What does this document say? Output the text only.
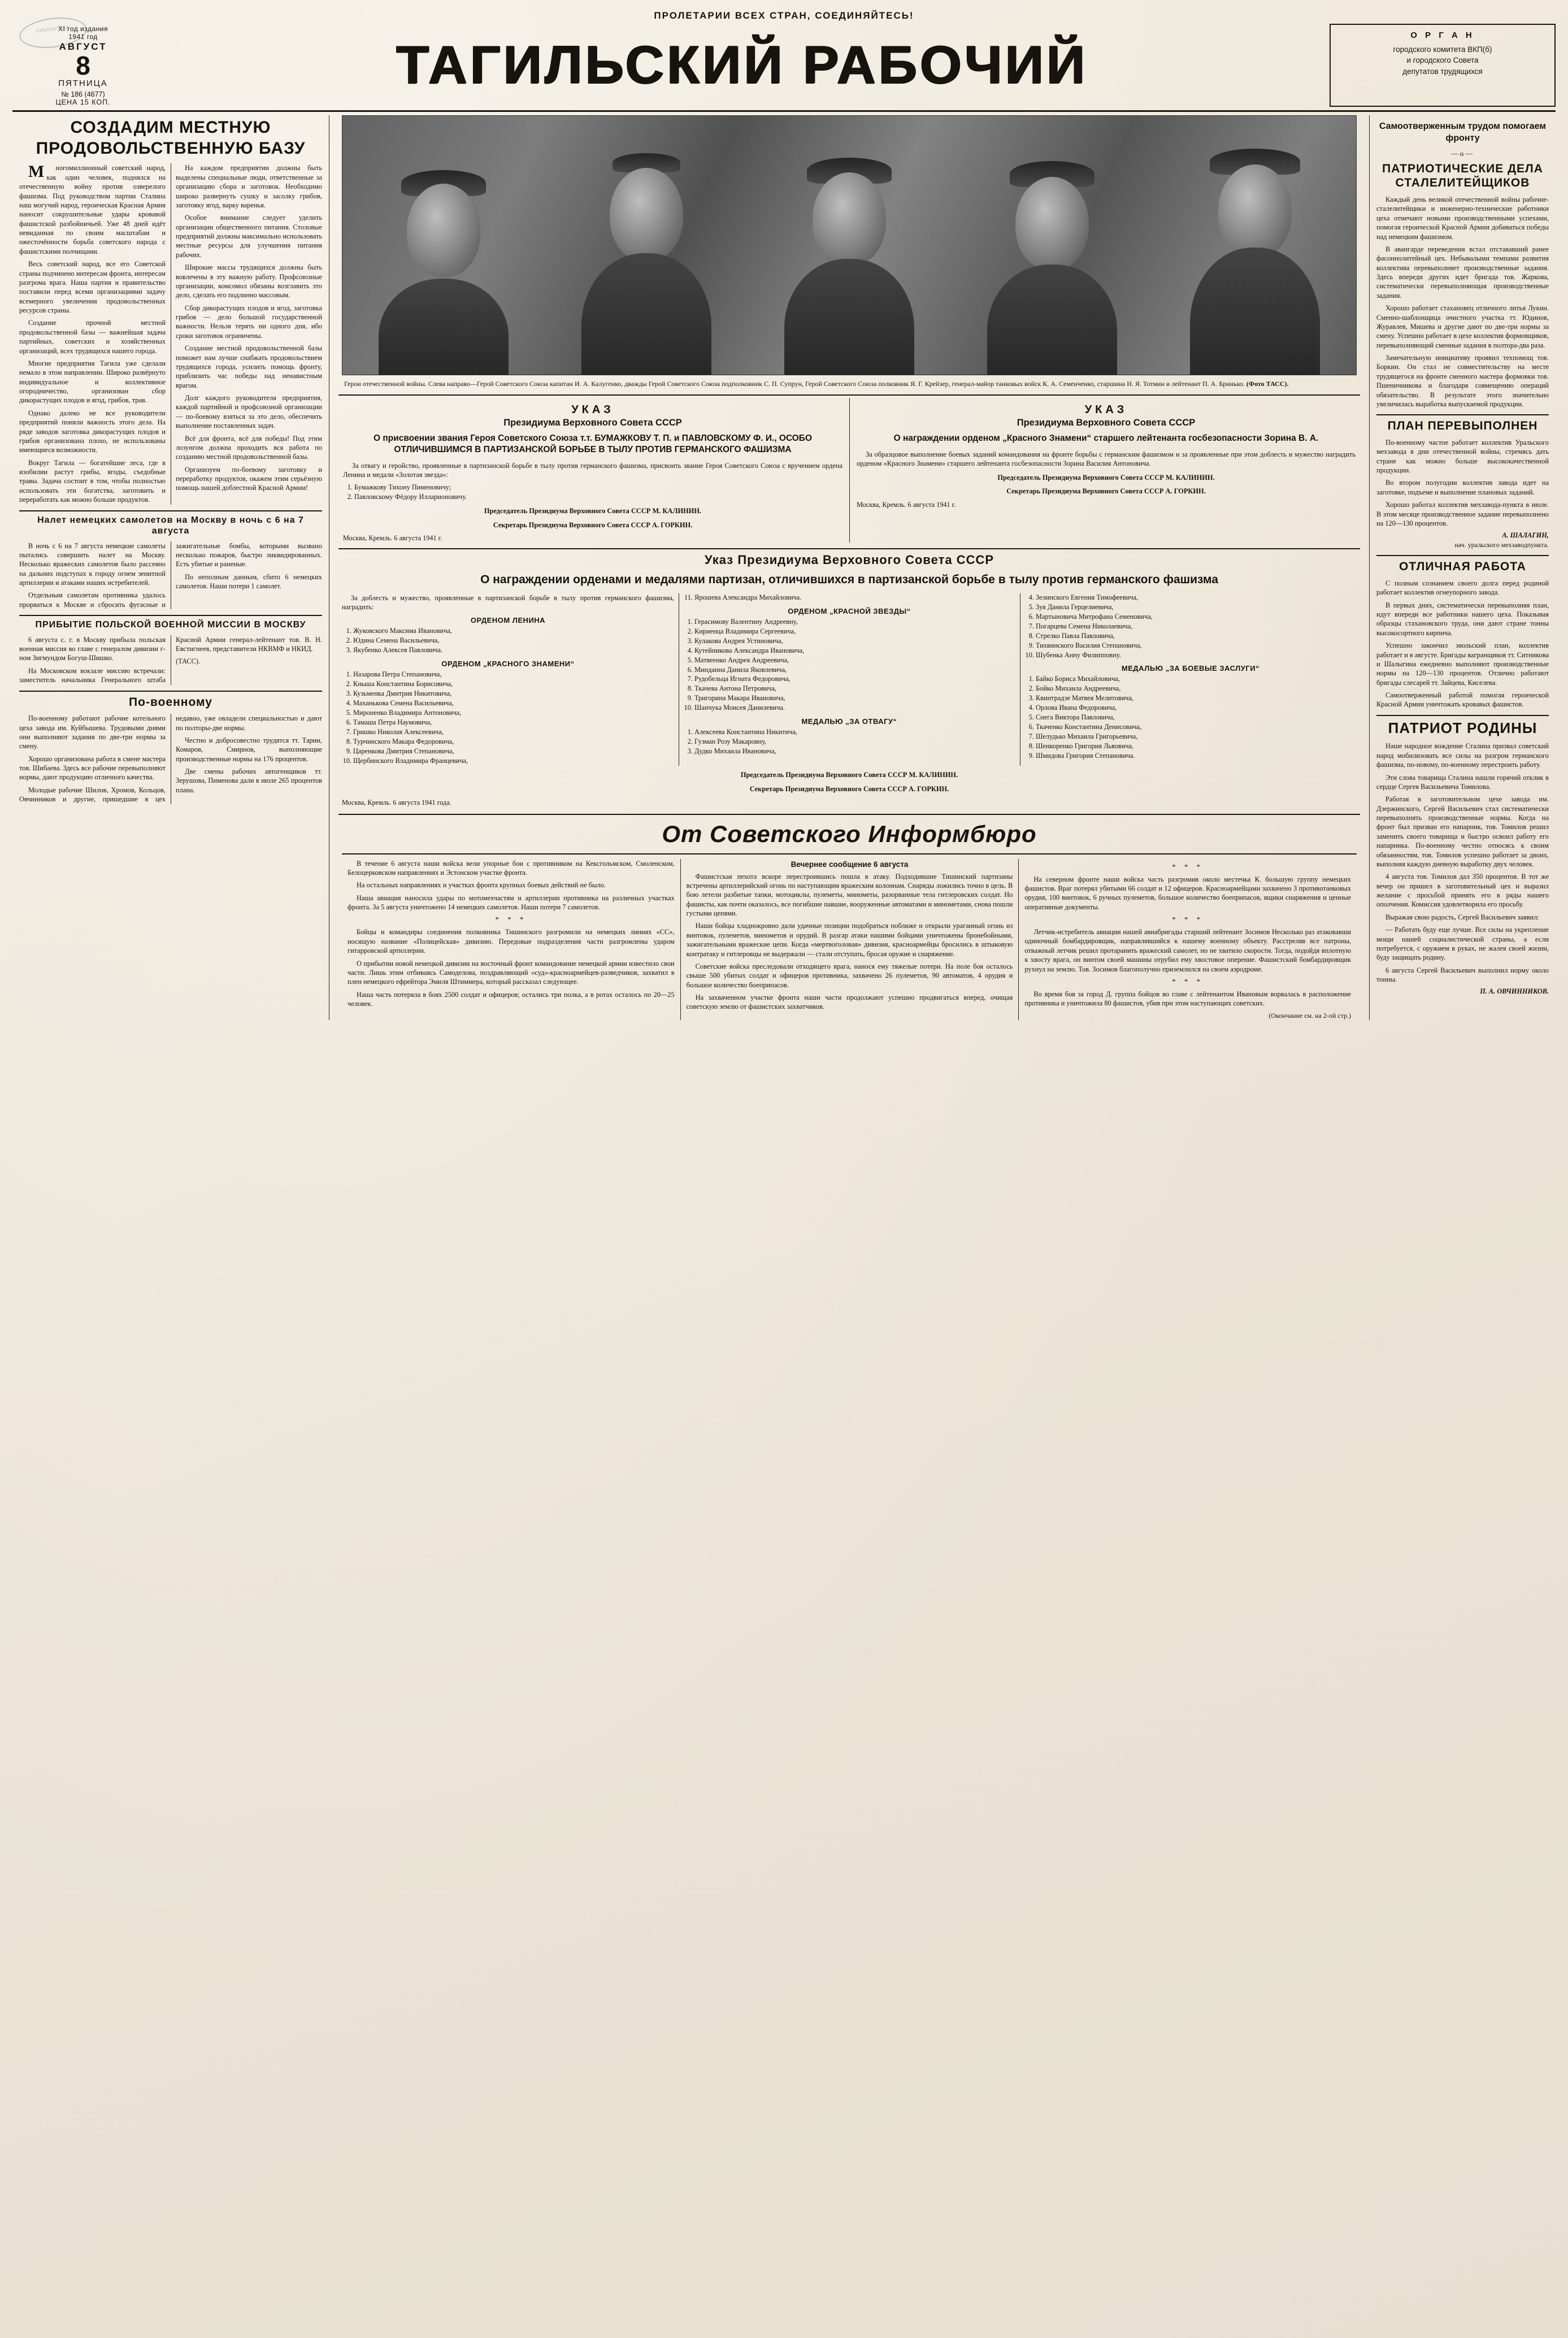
ПРОЛЕТАРИИ ВСЕХ СТРАН, СОЕДИНЯЙТЕСЬ!
БИБЛИОТЕКА
XI год издания
1941 год
АВГУСТ
8
ПЯТНИЦА
№ 186 (4677)
ЦЕНА 15 КОП.
ТАГИЛЬСКИЙ РАБОЧИЙ	О Р Г А Н
городского комитета ВКП(б)
и городского Совета
депутатов трудящихся
СОЗДАДИМ МЕСТНУЮ ПРОДОВОЛЬСТВЕННУЮ БАЗУ

Многомиллионный советский народ, как один человек, поднялся на отечественную войну против озверелого фашизма. Под руководством партии Сталина наш могучий народ, героическая Красная Армия наносит сокрушительные удары кровавой фашистской разбойничьей. Уже 48 дней идёт невиданная по своим масштабам и ожесточённости борьба советского народа с фашистскими полчищами.

Весь советский народ, все его Советской страны подчинено интересам фронта, интересам разгрома врага. Наша партия и правительство поставили перед всеми организациями задачу всемерного увеличения продовольственных ресурсов страны.

Создание прочной местной продовольственной базы — важнейшая задача партийных, советских и хозяйственных организаций, всех трудящихся нашего города.

Многие предприятия Тагила уже сделали немало в этом направлении. Широко развёрнуто индивидуальное и коллективное огородничество, организован сбор дикорастущих плодов и ягод, грибов, трав.

Однако далеко не все руководители предприятий поняли важность этого дела. На ряде заводов заготовка дикорастущих плодов и грибов организована плохо, не использованы имеющиеся возможности.

Вокруг Тагила — богатейшие леса, где в изобилии растут грибы, ягоды, съедобные травы. Задача состоит в том, чтобы полностью использовать эти богатства, заготовить и переработать как можно больше продуктов.

На каждом предприятии должны быть выделены специальные люди, ответственные за организацию сбора и заготовок. Необходимо широко развернуть сушку и засолку грибов, заготовку ягод, варку варенья.

Особое внимание следует уделить организации общественного питания. Столовые предприятий должны максимально использовать местные ресурсы для улучшения питания рабочих.

Широкие массы трудящихся должны быть вовлечены в эту важную работу. Профсоюзные организации, комсомол обязаны возглавить это дело, сделать его подлинно массовым.

Сбор дикорастущих плодов и ягод, заготовка грибов — дело большой государственной важности. Нельзя терять ни одного дня, ибо сроки заготовок ограничены.

Создание местной продовольственной базы поможет нам лучше снабжать продовольствием трудящихся города, усилить помощь фронту, приблизить час победы над ненавистным врагом.

Долг каждого руководителя предприятия, каждой партийной и профсоюзной организации — по-боевому взяться за это дело, обеспечить выполнение поставленных задач.

Всё для фронта, всё для победы! Под этим лозунгом должна проходить вся работа по созданию местной продовольственной базы.

Организуем по-боевому заготовку и переработку продуктов, окажем этим серьёзную помощь нашей доблестной Красной Армии!

Налет немецких самолетов на Москву в ночь с 6 на 7 августа

В ночь с 6 на 7 августа немецкие самолеты пытались совершить налет на Москву. Несколько вражеских самолетов было рассеяно на дальних подступах к городу огнем зенитной артиллерии и атаками наших истребителей.

Отдельным самолетам противника удалось прорваться к Москве и сбросить фугасные и зажигательные бомбы, которыми вызвано несколько пожаров, быстро ликвидированных. Есть убитые и раненые.

По неполным данным, сбито 6 немецких самолетов. Наши потери 1 самолет.

ПРИБЫТИЕ ПОЛЬСКОЙ ВОЕННОЙ МИССИИ В МОСКВУ

6 августа с. г. в Москву прибыла польская военная миссия во главе с генералом дивизии г-ном Зигмундом Богуш-Шишко.

На Московском вокзале миссию встречали: заместитель начальника Генерального штаба Красной Армии генерал-лейтенант тов. В. Н. Евстигнеев, представители НКВМФ и НКИД.

(ТАСС).

По-военному

По-военному работают рабочие котельного цеха завода им. Куйбышева. Трудовыми днями они выполняют задания по две-три нормы за смену.

Хорошо организована работа в смене мастера тов. Шибаева. Здесь все рабочие перевыполняют нормы, дают продукцию отличного качества.

Молодые рабочие Шилов, Хромов, Кольцов, Овчинников и другие, пришедшие в цех недавно, уже овладели специальностью и дают по полторы-две нормы.

Честно и добросовестно трудятся тт. Тарин, Комаров, Смирнов, выполняющие производственные нормы на 176 процентов.

Две смены рабочих автогенщиков тт. Зерушова, Пименова дали в июле 265 процентов плана.

Герои отечественной войны. Слева направо—Герой Советского Союза капитан И. А. Калугенко, дважды Герой Советского Союза подполковник С. П. Супрун, Герой Советского Союза полковник Я. Г. Крейзер, генерал-майор танковых войск К. А. Семенченко, старшина Н. Я. Тотмин и лейтенант П. А. Бринько. (Фото ТАСС).
УКАЗ
Президиума Верховного Совета СССР
О присвоении звания Героя Советского Союза т.т. БУМАЖКОВУ Т. П. и ПАВЛОВСКОМУ Ф. И., ОСОБО ОТЛИЧИВШИМСЯ В ПАРТИЗАНСКОЙ БОРЬБЕ В ТЫЛУ ПРОТИВ ГЕРМАНСКОГО ФАШИЗМА

За отвагу и геройство, проявленные в партизанской борьбе в тылу против германского фашизма, присвоить звание Героя Советского Союза с вручением ордена Ленина и медали «Золотая звезда»:

1. Бумажкову Тихону Пименовичу;
2. Павловскому Фёдору Илларионовичу.
Председатель Президиума Верховного Совета СССР М. КАЛИНИН.
Секретарь Президиума Верховного Совета СССР А. ГОРКИН.
Москва, Кремль. 6 августа 1941 г.
УКАЗ
Президиума Верховного Совета СССР
О награждении орденом „Красного Знамени“ старшего лейтенанта госбезопасности Зорина В. А.

За образцовое выполнение боевых заданий командования на фронте борьбы с германским фашизмом и за проявленные при этом доблесть и мужество наградить орденом «Красного Знамени» старшего лейтенанта госбезопасности Зорина Василия Антоновича.

Председатель Президиума Верховного Совета СССР М. КАЛИНИН.
Секретарь Президиума Верховного Совета СССР А. ГОРКИН.
Москва, Кремль. 6 августа 1941 г.
Указ Президиума Верховного Совета СССР
О награждении орденами и медалями партизан, отличившихся в партизанской борьбе в тылу против германского фашизма

За доблесть и мужество, проявленные в партизанской борьбе в тылу против германского фашизма, наградить:

ОРДЕНОМ ЛЕНИНА
1. Жуковского Максима Ивановича,
2. Юдина Семена Васильевича,
3. Якубенко Алексея Павловича.
ОРДЕНОМ „КРАСНОГО ЗНАМЕНИ“
1. Назарова Петра Степановича,
2. Кныша Константина Борисовича,
3. Кузьменка Дмитрия Никитовича,
4. Маханькова Семена Васильевича,
5. Мироненко Владимира Антоновича,
6. Тамаша Петра Наумовича,
7. Гришко Николая Алексеевича,
8. Турчинского Макара Федоровича,
9. Царенкова Дмитрия Степановича,
10. Щербинского Владимира Францевича,
11. Ярошева Александра Михайловича.
ОРДЕНОМ „КРАСНОЙ ЗВЕЗДЫ“
1. Герасимову Валентину Андреевну,
2. Кириенца Владимира Сергеевича,
3. Кулакова Андрея Устиновича,
4. Кутейникова Александра Ивановича,
5. Матвеенко Андрея Андреевича,
6. Минданна Данила Яковлевича,
7. Рудобельца Игната Федоровича,
8. Ткачева Антона Петровича,
9. Тригорина Макара Ивановича,
10. Шанчука Моисея Данилевича.
МЕДАЛЬЮ „ЗА ОТВАГУ“
1. Алексеева Константина Никитича,
2. Гузман Розу Макаровну,
3. Дудко Михаила Ивановича,
4. Зелинского Евгения Тимофеевича,
5. Зуя Данила Герцелиевича,
6. Мартыновича Митрофана Семеновича,
7. Погарцева Семена Николаевича,
8. Стрелко Павла Павловича,
9. Тихвинского Василия Степановича,
10. Шубенка Анну Филипповну.
МЕДАЛЬЮ „ЗА БОЕВЫЕ ЗАСЛУГИ“
1. Байко Бориса Михайловича,
2. Бойко Михаила Андреевича,
3. Квинтрадзе Матвея Мелитовича,
4. Орлова Ивана Федоровича,
5. Снега Виктора Павловича,
6. Ткаченко Константина Денисовича,
7. Шелудько Михаила Григорьевича,
8. Шенкоренко Григория Львовича,
9. Шмидова Григория Степановича.
Председатель Президиума Верховного Совета СССР М. КАЛИНИН.
Секретарь Президиума Верховного Совета СССР А. ГОРКИН.
Москва, Кремль. 6 августа 1941 года.
От Советского Информбюро

В течение 6 августа наши войска вели упорные бои с противником на Кексгольмском, Смоленском, Белоцерковском направлениях и Эстонском участке фронта.

На остальных направлениях и участках фронта крупных боевых действий не было.

Наша авиация наносила удары по мотомехчастям и артиллерии противника на различных участках фронта. За 5 августа уничтожено 14 немецких самолетов. Наши потери 7 самолетов.

* * *

Бойцы и командиры соединения полковника Тишинского разгромили на немецких линиях «СС», носящую название «Полицейская» дивизию. Передовые подразделения части разгромлены ударом гитарровской артиллерии.

О прибытии новой немецкой дивизии на восточный фронт командование немецкой армии известило свои части. Лишь этим отбиваясь Самоделова, поздравляющий «суд»-красноармейцев-разведчиков, захватил в плен немецкого ефрейтора Эмиля Штиммера, который рассказал следующее.

Наша часть потеряла в боях 2500 солдат и офицеров; остались три полка, а в ротах осталось по 20—25 человек.

Вечернее сообщение 6 августа

Фашистская пехота вскоре перестроившись пошла в атаку. Подходившие Тишинский партизаны встречены артиллерийский огонь по наступающим вражеским колоннам. Снаряды ложились точно в цель. В бою летели разбитые тапки, мотоциклы, пулеметы, минометы, разорванные тела гитлеровских солдат. Но фашисты, как почти оказалось, все погибшие павшие, вооруженные автоматами и минометами, снова пошли густыми цепями.

Наши бойцы хладнокровно дали удачные позиции подобраться поближе и открыли ураганный огонь из винтовок, пулеметов, минометов и орудий. В разгар атаки нашими бойцами уничтожены бронебойными, зажигательными вражеские цепи. Когда «мертвоголовая» дивизия, красноармейцы бросились в штыковую контратаку и гитлеровцы не выдержали — стали отступать, бросая оружие и снаряжение.

Советские войска преследовали отходящего врага, нанося ему тяжелые потери. На поле боя осталось свыше 500 убитых солдат и офицеров противника, захвачено 26 пулеметов, 90 автоматов, 4 орудия и большое количество боеприпасов.

На захваченном участке фронта наши части продолжают успешно продвигаться вперед, очищая советскую землю от фашистских захватчиков.

* * *

На северном фронте наши войска часть разгромив около местечка К. большую группу немецких фашистов. Враг потерял убитыми 66 солдат и 12 офицеров. Красноармейцами захвачено 3 противотанковых орудия, 100 винтовок, 6 ручных пулеметов, большое количество боеприпасов, ящики снаряжения и ценные оперативные документы.

* * *

Летчик-истребитель авиации нашей авиабригады старший лейтенант Зосимов Несколько раз атаковавши одиночный бомбардировщик, направлявшийся к нашему военному объекту. Расстреляв все патроны, отважный летчик решил протаранить вражеский самолет, но не хватило скорости. Тогда, подойдя вплотную к хвосту врага, он винтом своей машины отрубил ему хвостовое оперение. Фашистский бомбардировщик рухнул на землю. Тов. Зосимов благополучно приземлился на своем аэродроме.

* * *

Во время боя за город Д. группа бойцов во главе с лейтенантом Ивановым ворвалась в расположение противника и уничтожила 80 фашистов, убив при этом наступающих советских.

(Окончание см. на 2-ой стр.)
Самоотверженным трудом помогаем фронту
—о—
ПАТРИОТИЧЕСКИЕ ДЕЛА СТАЛЕЛИТЕЙЩИКОВ

Каждый день великой отечественной войны рабочие-сталелитейщики и инженерно-технические работники цеха отмечают новыми производственными успехами, помогая героической Красной Армии добиваться победы над немецким фашизмом.

В авангарде переведения встал отстававший ранее фасоннолитейный цех. Небывалыми темпами развития коллектива перевыполняет производственные задания. Здесь впереди других идет бригада тов. Жаркова, систематически перевыполняющая производственные задания.

Хорошо работает стахановец отличного литья Лукин. Сменно-шаблонщица очистного участка тт. Юдинов, Журавлев, Мишева и другие дают по две-три нормы за смену. Успешно работает в цехе коллектив формовщиков, перевыполняющий сменные задания в полтора-два раза.

Замечательную инициативу проявил техпомощ тов. Боркин. Он стал не совместительству на месте трудящегося на фронте сменного мастера формовки тов. Пшеничникова и благодаря совмещению операций обязательство. В результате этого значительно увеличилась выработка выпускаемой продукции.

ПЛАН ПЕРЕВЫПОЛНЕН

По-военному частое работает коллектив Уральского мехзавода в дни отечественной войны, стремясь дать стране как можно больше высококачественной продукции.

Во втором полугодии коллектив завода идет на заготовке, подъеме и выполнение плановых заданий.

Хорошо работал коллектив мехзавода-пункта в июле. В этом месяце производственное задание перевыполнено на 120—130 процентов.

А. ШАЛАГИН,
нач. уральского мехзаводпункта.
ОТЛИЧНАЯ РАБОТА

С полным сознанием своего долга перед родиной работает коллектив огнеупорного завода.

В первых днях, систематически перевыполняя план, идут впереди все работники нашего цеха. Показывая образцы стахановского труда, они дают стране тонны высокосортного кирпича.

Успешно закончил июльский план, коллектив работает и в августе. Бригады вагранщиков тт. Ситникова и Шалыгина ежедневно выполняют производственные нормы на 120—130 процентов. Отлично работают бригады слесарей тт. Зайцева, Киселева.

Самоотверженный работой помогая героической Красной Армии уничтожать кровавых фашистов.

ПАТРИОТ РОДИНЫ

Наше народное вождение Сталина призвал советский народ мобилизовать все силы на разгром германского фашизма, по-новому, по-военному перестроить работу.

Эти слова товарища Сталина нашли горячий отклик в сердце Сергея Васильевича Томилова.

Работая в заготовительном цехе завода им. Дзержинского, Сергей Васильевич стал систематически перевыполнять производственные нормы. Когда на фронт был призван его напарник, тов. Томилов решил заменить своего товарища и быстро освоил работу его напарника. По-военному честно относясь к своим обязанностям, тов. Томилов успешно работает за двоих, выполняя каждую дневную выработку двух человек.

4 августа тов. Томилов дал 350 процентов. В тот же вечер он пришел в заготовительный цех и выразил желание с просьбой принять его в ряды нашего ополчения. Комиссия удовлетворила его просьбу.

Выражая свою радость, Сергей Васильевич заявил:

— Работать буду еще лучше. Все силы на укрепление мощи нашей социалистической страны, а если потребуется, с оружием в руках, не жалея своей жизни, буду защищать родину.

6 августа Сергей Васильевич выполнил норму около тонны.

П. А. ОВЧИННИКОВ.
